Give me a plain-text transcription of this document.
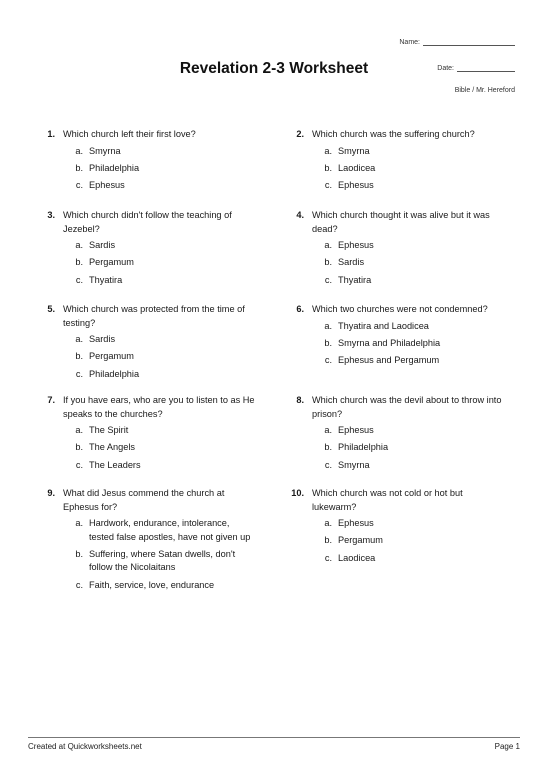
Name:
Date:
Revelation 2-3 Worksheet
Bible / Mr. Hereford
1. Which church left their first love?
a. Smyrna
b. Philadelphia
c. Ephesus
2. Which church was the suffering church?
a. Smyrna
b. Laodicea
c. Ephesus
3. Which church didn't follow the teaching of Jezebel?
a. Sardis
b. Pergamum
c. Thyatira
4. Which church thought it was alive but it was dead?
a. Ephesus
b. Sardis
c. Thyatira
5. Which church was protected from the time of testing?
a. Sardis
b. Pergamum
c. Philadelphia
6. Which two churches were not condemned?
a. Thyatira and Laodicea
b. Smyrna and Philadelphia
c. Ephesus and Pergamum
7. If you have ears, who are you to listen to as He speaks to the churches?
a. The Spirit
b. The Angels
c. The Leaders
8. Which church was the devil about to throw into prison?
a. Ephesus
b. Philadelphia
c. Smyrna
9. What did Jesus commend the church at Ephesus for?
a. Hardwork, endurance, intolerance, tested false apostles, have not given up
b. Suffering, where Satan dwells, don't follow the Nicolaitans
c. Faith, service, love, endurance
10. Which church was not cold or hot but lukewarm?
a. Ephesus
b. Pergamum
c. Laodicea
Created at Quickworksheets.net	Page 1
